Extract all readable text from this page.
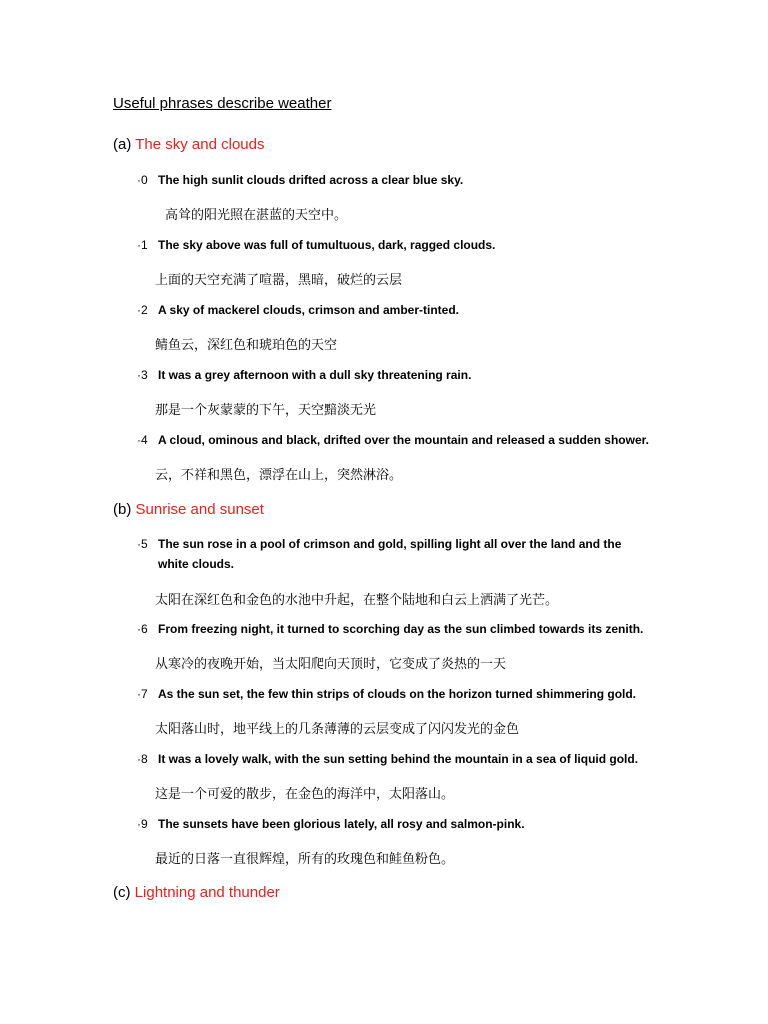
Useful phrases describe weather
(a) The sky and clouds
·0 The high sunlit clouds drifted across a clear blue sky.
高耸的阳光照在湛蓝的天空中。
·1 The sky above was full of tumultuous, dark, ragged clouds.
上面的天空充满了喧嚣，黑暗，破烂的云层
·2 A sky of mackerel clouds, crimson and amber-tinted.
鲭鱼云，深红色和琥珀色的天空
·3 It was a grey afternoon with a dull sky threatening rain.
那是一个灰蒙蒙的下午，天空黯淡无光
·4 A cloud, ominous and black, drifted over the mountain and released a sudden shower.
云，不祥和黑色，漂浮在山上，突然淋浴。
(b) Sunrise and sunset
·5 The sun rose in a pool of crimson and gold, spilling light all over the land and the white clouds.
太阳在深红色和金色的水池中升起，在整个陆地和白云上洒满了光芒。
·6 From freezing night, it turned to scorching day as the sun climbed towards its zenith.
从寒冷的夜晚开始，当太阳爬向天顶时，它变成了炎热的一天
·7 As the sun set, the few thin strips of clouds on the horizon turned shimmering gold.
太阳落山时，地平线上的几条薄薄的云层变成了闪闪发光的金色
·8 It was a lovely walk, with the sun setting behind the mountain in a sea of liquid gold.
这是一个可爱的散步，在金色的海洋中，太阳落山。
·9 The sunsets have been glorious lately, all rosy and salmon-pink.
最近的日落一直很辉煌，所有的玫瑰色和鲑鱼粉色。
(c) Lightning and thunder
